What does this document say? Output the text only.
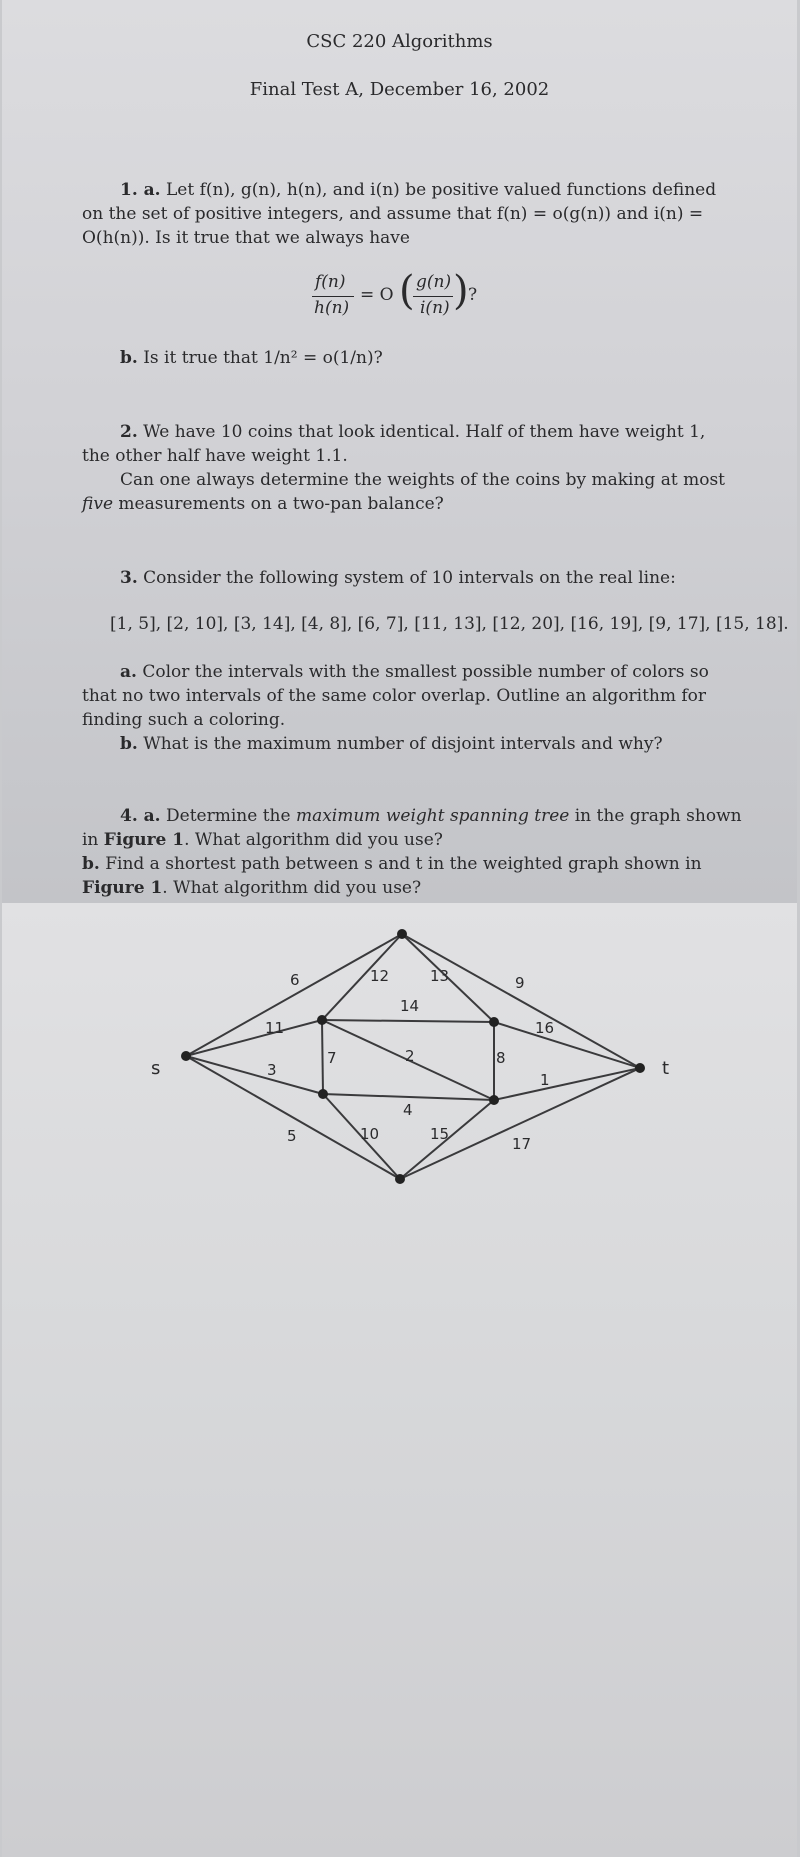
CSC 220 Algorithms
Final Test A, December 16, 2002
1. a. Let f(n), g(n), h(n), and i(n) be positive valued functions defined
on the set of positive integers, and assume that f(n) = o(g(n)) and i(n) =
O(h(n)). Is it true that we always have
f(n)
h(n)
= O ( g(n)
i(n) ) ?
b. Is it true that 1/n² = o(1/n)?
2. We have 10 coins that look identical. Half of them have weight 1,
the other half have weight 1.1.
Can one always determine the weights of the coins by making at most
five measurements on a two-pan balance?
3. Consider the following system of 10 intervals on the real line:
[1, 5], [2, 10], [3, 14], [4, 8], [6, 7], [11, 13], [12, 20], [16, 19], [9, 17], [15, 18].
a. Color the intervals with the smallest possible number of colors so
that no two intervals of the same color overlap. Outline an algorithm for
finding such a coloring.
b. What is the maximum number of disjoint intervals and why?
4. a. Determine the maximum weight spanning tree in the graph shown
in Figure 1. What algorithm did you use?
b. Find a shortest path between s and t in the weighted graph shown in
Figure 1. What algorithm did you use?
s	t
6
11
3
5
12	13
14
7	2
4
10	15
9
16
8
1
17
